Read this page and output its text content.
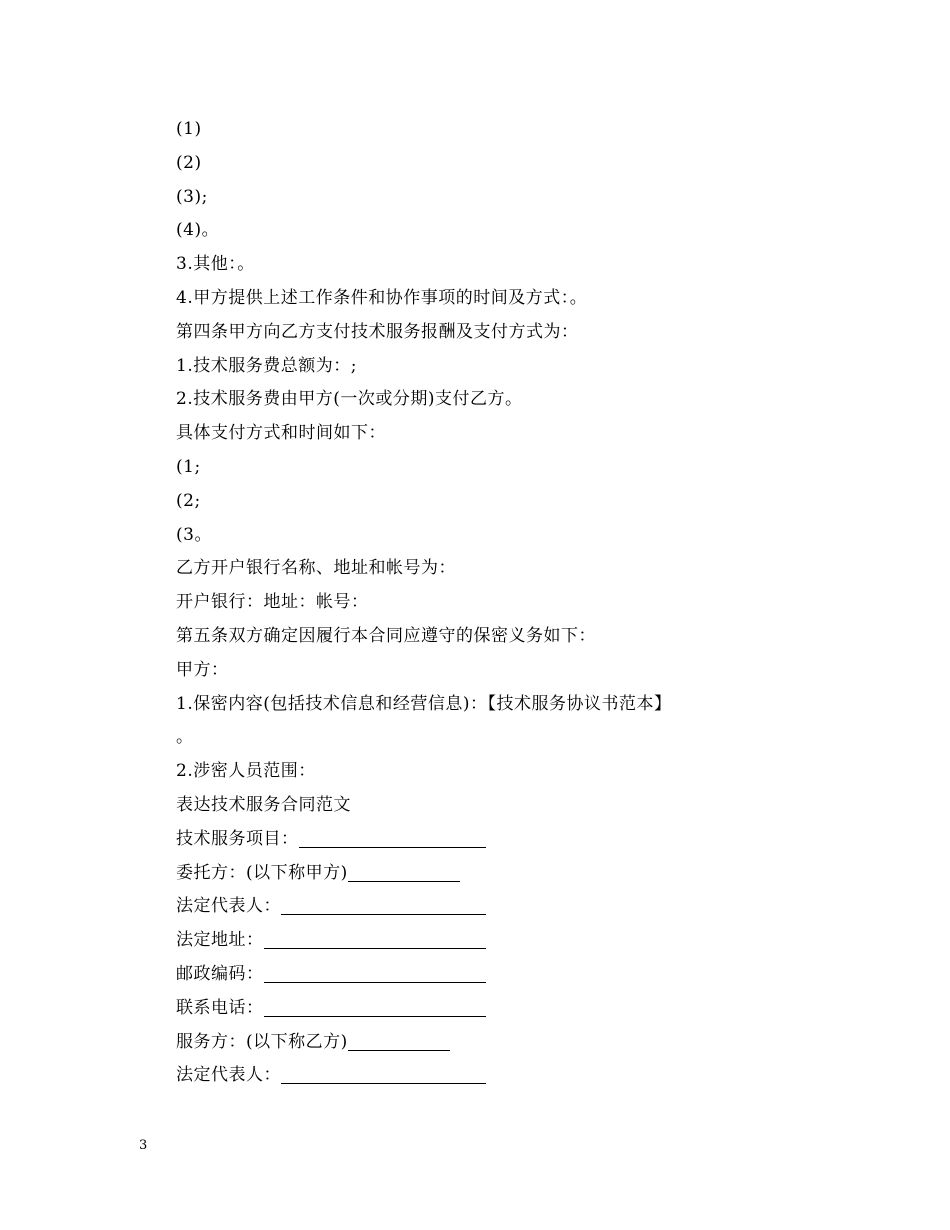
(1)
(2)
(3);
(4)。
3.其他：。
4.甲方提供上述工作条件和协作事项的时间及方式：。
第四条甲方向乙方支付技术服务报酬及支付方式为：
1.技术服务费总额为：;
2.技术服务费由甲方(一次或分期)支付乙方。
具体支付方式和时间如下：
(1;
(2;
(3。
乙方开户银行名称、地址和帐号为：
开户银行：地址：帐号：
第五条双方确定因履行本合同应遵守的保密义务如下：
甲方：
1.保密内容(包括技术信息和经营信息)：【技术服务协议书范本】
。
2.涉密人员范围：
表达技术服务合同范文
技术服务项目：
委托方：(以下称甲方)
法定代表人：
法定地址：
邮政编码：
联系电话：
服务方：(以下称乙方)
法定代表人：
3
